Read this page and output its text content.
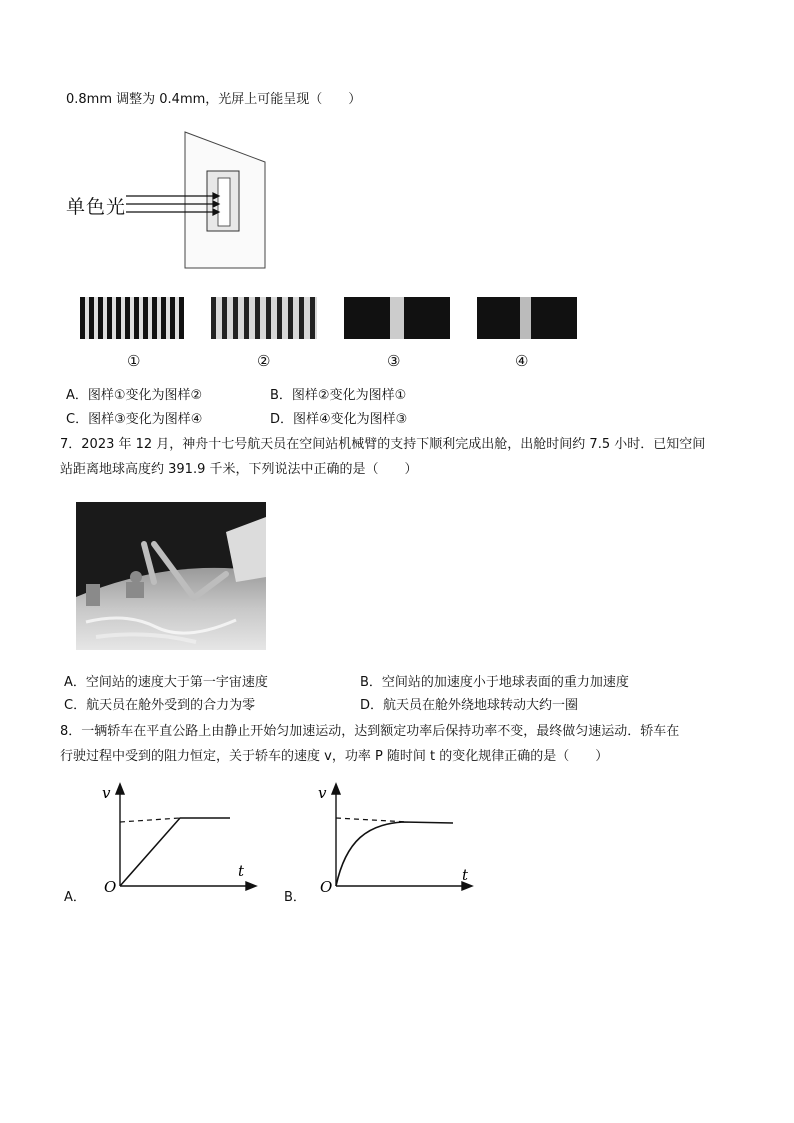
0.8mm 调整为 0.4mm，光屏上可能呈现（　　）
单色光
①	②	③	④
A．图样①变化为图样②	B．图样②变化为图样①
C．图样③变化为图样④	D．图样④变化为图样③
7．2023 年 12 月，神舟十七号航天员在空间站机械臂的支持下顺利完成出舱，出舱时间约 7.5 小时．已知空间
站距离地球高度约 391.9 千米，下列说法中正确的是（　　）
A．空间站的速度大于第一宇宙速度	B．空间站的加速度小于地球表面的重力加速度
C．航天员在舱外受到的合力为零	D．航天员在舱外绕地球转动大约一圈
8．一辆轿车在平直公路上由静止开始匀加速运动，达到额定功率后保持功率不变，最终做匀速运动．轿车在
行驶过程中受到的阻力恒定，关于轿车的速度 v，功率 P 随时间 t 的变化规律正确的是（　　）
v
t
O
A．
v
t
O
B．
